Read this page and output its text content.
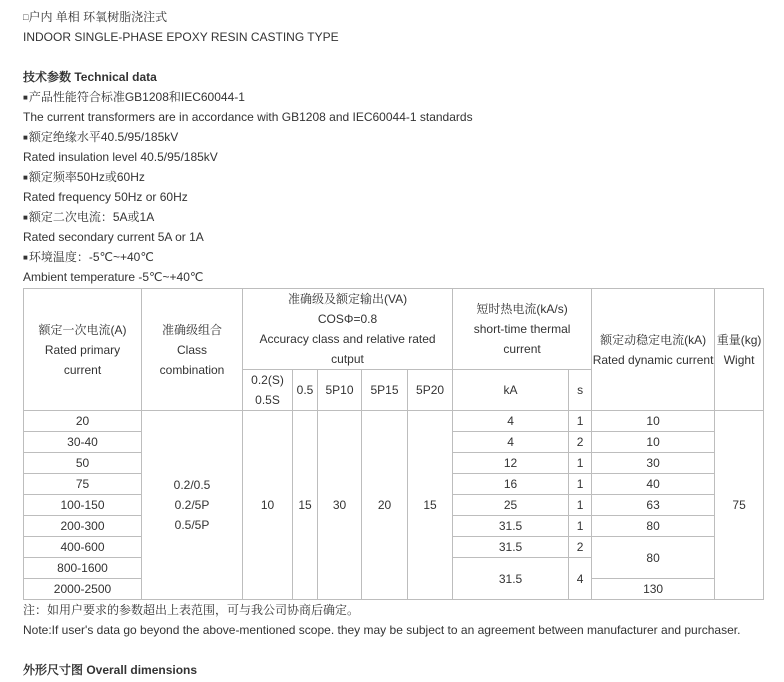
□户内 单相 环氧树脂浇注式
INDOOR SINGLE-PHASE EPOXY RESIN CASTING TYPE
技术参数 Technical data
■产品性能符合标准GB1208和IEC60044-1
The current transformers are in accordance with GB1208 and IEC60044-1 standards
■额定绝缘水平40.5/95/185kV
Rated insulation level 40.5/95/185kV
■额定频率50Hz或60Hz
Rated frequency 50Hz or 60Hz
■额定二次电流：5A或1A
Rated secondary current 5A or 1A
■环境温度：-5℃~+40℃
Ambient temperature -5℃~+40℃
额定一次电流(A)
Rated primary
current	准确级组合
Class
combination	准确级及额定输出(VA)
COSΦ=0.8
Accuracy class and relative rated
cutput	短时热电流(kA/s)
short-time thermal
current	额定动稳定电流(kA)
Rated dynamic current	重量(kg)
Wight
0.2(S)
0.5S	0.5	5P10	5P15	5P20	kA	s
20	0.2/0.5
0.2/5P
0.5/5P	10	15	30	20	15	4	1	10	75
30-40	4	2	10
50	12	1	30
75	16	1	40
100-150	25	1	63
200-300	31.5	1	80
400-600	31.5	2	80
800-1600	31.5	4
2000-2500	130
注：如用户要求的参数超出上表范围，可与我公司协商后确定。
Note:If user's data go beyond the above-mentioned scope. they may be subject to an agreement between manufacturer and purchaser.
外形尺寸图 Overall dimensions
